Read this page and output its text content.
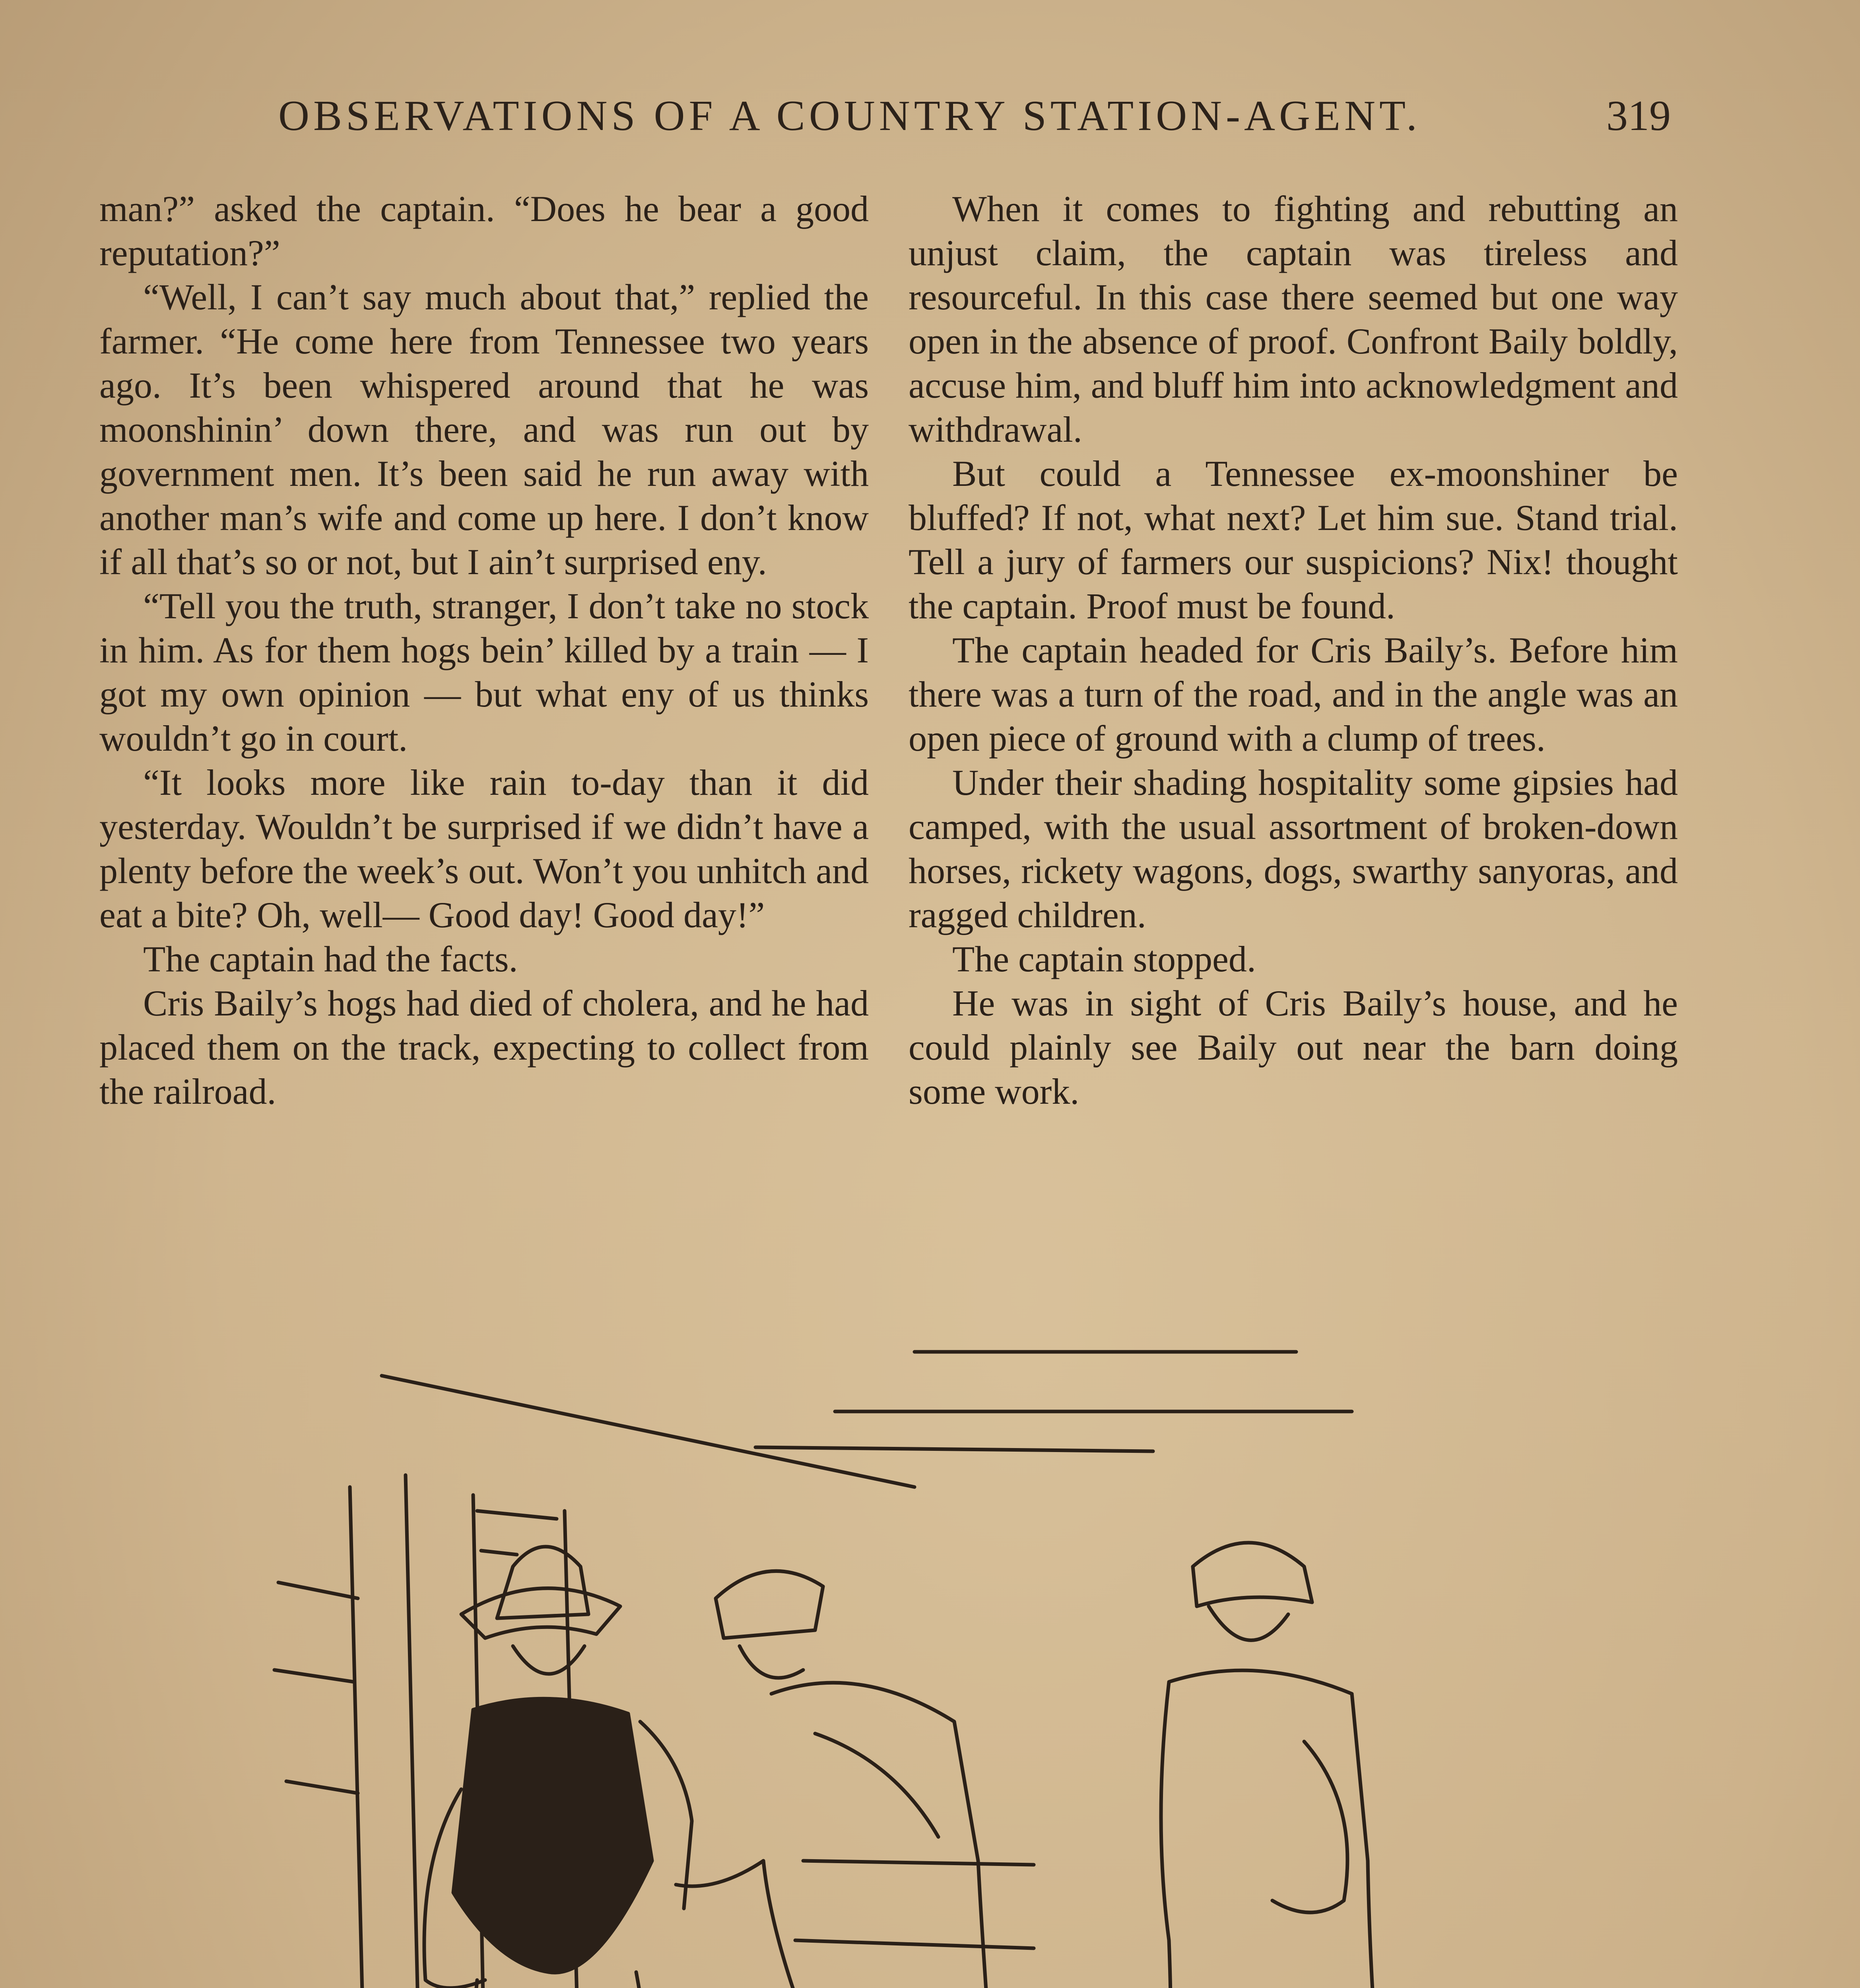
OBSERVATIONS OF A COUNTRY STATION-AGENT.	319

man?” asked the captain. “Does he bear a good reputation?”

“Well, I can’t say much about that,” replied the farmer. “He come here from Tennessee two years ago. It’s been whispered around that he was moonshinin’ down there, and was run out by government men. It’s been said he run away with another man’s wife and come up here. I don’t know if all that’s so or not, but I ain’t surprised eny.

“Tell you the truth, stranger, I don’t take no stock in him. As for them hogs bein’ killed by a train — I got my own opinion — but what eny of us thinks wouldn’t go in court.

“It looks more like rain to-day than it did yesterday. Wouldn’t be surprised if we didn’t have a plenty before the week’s out. Won’t you unhitch and eat a bite? Oh, well— Good day! Good day!”

The captain had the facts.

Cris Baily’s hogs had died of cholera, and he had placed them on the track, expecting to collect from the railroad.

When it comes to fighting and rebutting an unjust claim, the captain was tireless and resourceful. In this case there seemed but one way open in the absence of proof. Confront Baily boldly, accuse him, and bluff him into acknowledgment and withdrawal.

But could a Tennessee ex-moonshiner be bluffed? If not, what next? Let him sue. Stand trial. Tell a jury of farmers our suspicions? Nix! thought the captain. Proof must be found.

The captain headed for Cris Baily’s. Before him there was a turn of the road, and in the angle was an open piece of ground with a clump of trees.

Under their shading hospitality some gipsies had camped, with the usual assortment of broken-down horses, rickety wagons, dogs, swarthy sanyoras, and ragged children.

The captain stopped.

He was in sight of Cris Baily’s house, and he could plainly see Baily out near the barn doing some work.
